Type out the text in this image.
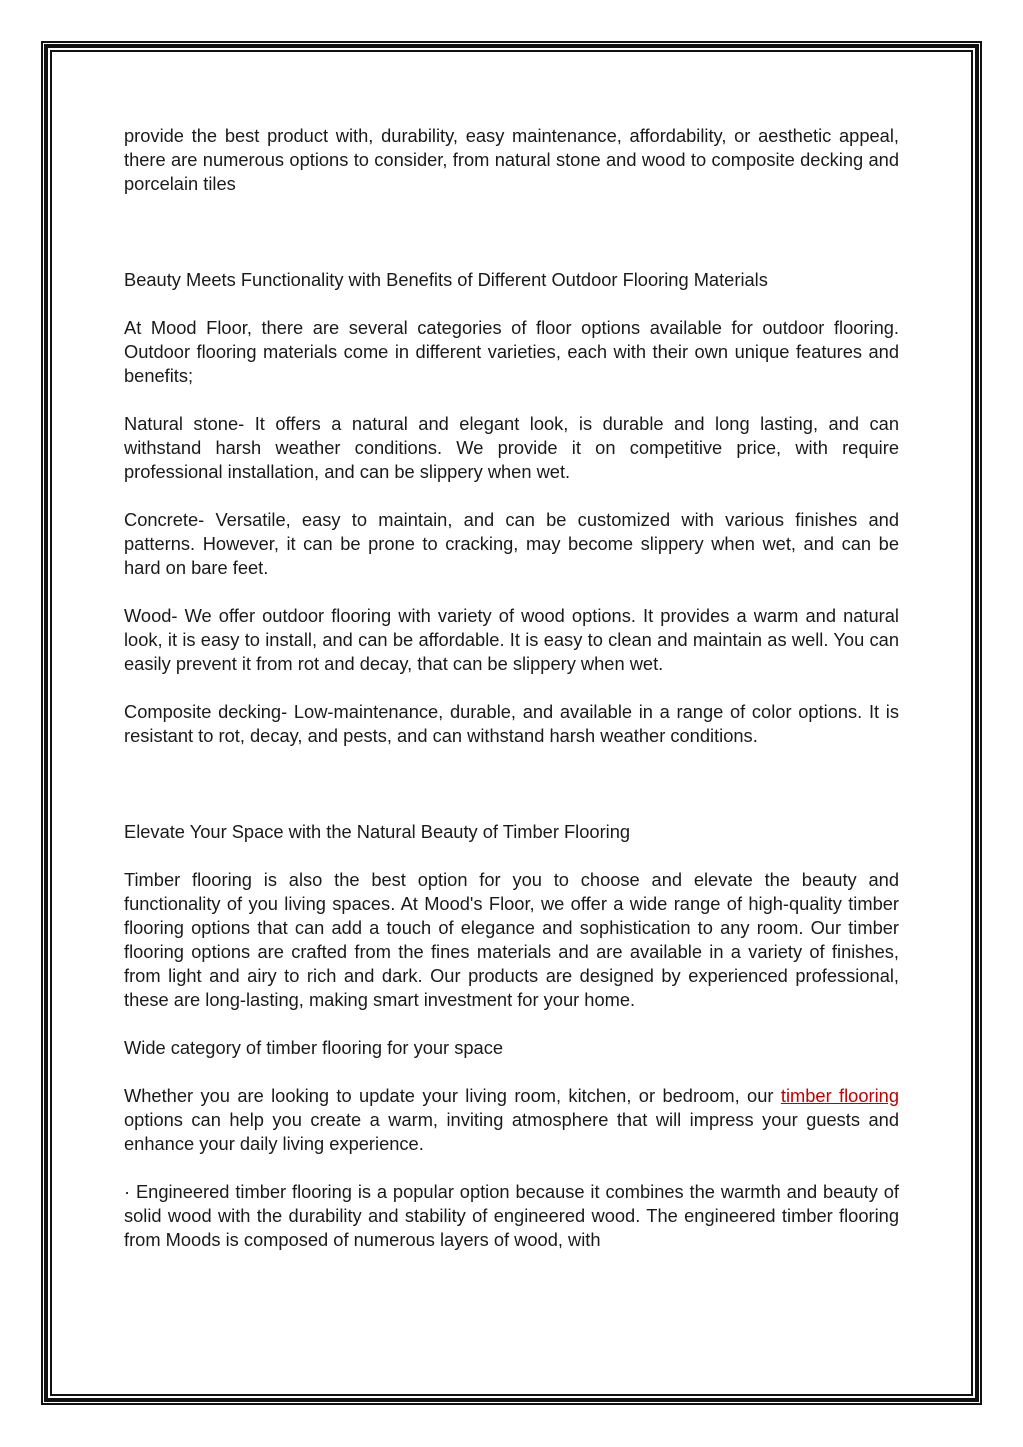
provide the best product with, durability, easy maintenance, affordability, or aesthetic appeal, there are numerous options to consider, from natural stone and wood to composite decking and porcelain tiles

Beauty Meets Functionality with Benefits of Different Outdoor Flooring Materials

At Mood Floor, there are several categories of floor options available for outdoor flooring. Outdoor flooring materials come in different varieties, each with their own unique features and benefits;

Natural stone- It offers a natural and elegant look, is durable and long lasting, and can withstand harsh weather conditions. We provide it on competitive price, with require professional installation, and can be slippery when wet.

Concrete- Versatile, easy to maintain, and can be customized with various finishes and patterns. However, it can be prone to cracking, may become slippery when wet, and can be hard on bare feet.

Wood- We offer outdoor flooring with variety of wood options. It provides a warm and natural look, it is easy to install, and can be affordable. It is easy to clean and maintain as well. You can easily prevent it from rot and decay, that can be slippery when wet.

Composite decking- Low-maintenance, durable, and available in a range of color options. It is resistant to rot, decay, and pests, and can withstand harsh weather conditions.

Elevate Your Space with the Natural Beauty of Timber Flooring

Timber flooring is also the best option for you to choose and elevate the beauty and functionality of you living spaces. At Mood's Floor, we offer a wide range of high-quality timber flooring options that can add a touch of elegance and sophistication to any room. Our timber flooring options are crafted from the fines materials and are available in a variety of finishes, from light and airy to rich and dark. Our products are designed by experienced professional, these are long-lasting, making smart investment for your home.

Wide category of timber flooring for your space

Whether you are looking to update your living room, kitchen, or bedroom, our timber flooring options can help you create a warm, inviting atmosphere that will impress your guests and enhance your daily living experience.

· Engineered timber flooring is a popular option because it combines the warmth and beauty of solid wood with the durability and stability of engineered wood. The engineered timber flooring from Moods is composed of numerous layers of wood, with
